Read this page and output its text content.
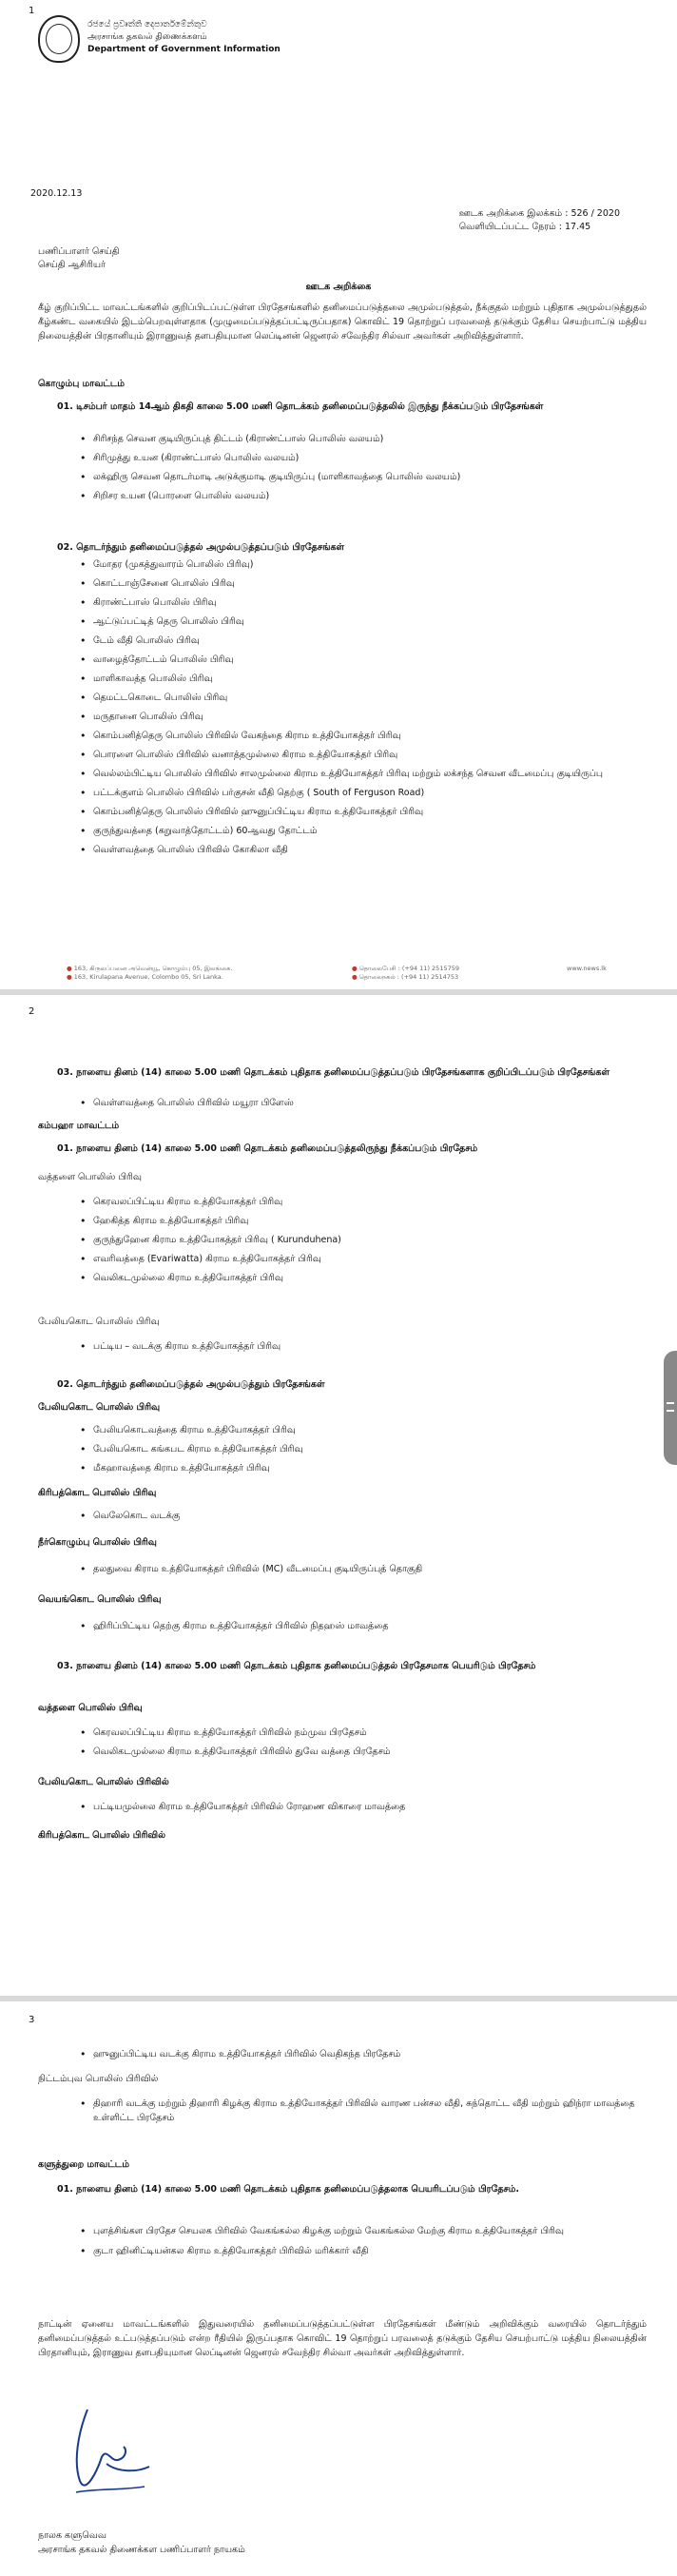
1
රජයේ ප්‍රවෘත්ති දෙපාර්තමේන්තුව
அரசாங்க தகவல் திணைக்களம்
Department of Government Information
2020.12.13
ஊடக அறிக்கை இலக்கம் : 526 / 2020
வெளியிடப்பட்ட நேரம் : 17.45
பணிப்பாளர் செய்தி
செய்தி ஆசிரியர்
ஊடக அறிக்கை
கீழ் குறிப்பிட்ட மாவட்டங்களில் குறிப்பிடப்பட்டுள்ள பிரதேசங்களில் தனிமைப்படுத்தலை அமுல்படுத்தல், நீக்குதல் மற்றும் புதிதாக அமுல்படுத்துதல் கீழ்கண்ட வகையில் இடம்பெறவுள்ளதாக (முழுமைப்படுத்தப்பட்டிருப்பதாக) கொவிட் 19 தொற்றுப் பரவலைத் தடுக்கும் தேசிய செயற்பாட்டு மத்திய நிலையத்தின் பிரதானியும் இராணுவத் தளபதியுமான லெப்டினன் ஜெனரல் சவேந்திர சில்வா அவர்கள் அறிவித்துள்ளார்.
கொழும்பு மாவட்டம்
01. டிசம்பர் மாதம் 14ஆம் திகதி காலை 5.00 மணி தொடக்கம் தனிமைப்படுத்தலில் இருந்து நீக்கப்படும் பிரதேசங்கள்
• சிரிசந்த செவன குடியிருப்புத் திட்டம் (கிராண்ட்பாஸ் பொலிஸ் வலயம்)
• சிரிமுத்து உயன (கிராண்ட்பாஸ் பொலிஸ் வலயம்)
• லக்ஹிரு செவன தொடர்மாடி அடுக்குமாடி குடியிருப்பு (மாளிகாவத்தை பொலிஸ் வலயம்)
• சிறிசர உயன (பொரளை பொலிஸ் வலயம்)
02. தொடர்ந்தும் தனிமைப்படுத்தல் அமுல்படுத்தப்படும் பிரதேசங்கள்
• மோதர (முகத்துவாரம் பொலிஸ் பிரிவு)
• கொட்டாஞ்சேனை பொலிஸ் பிரிவு
• கிராண்ட்பாஸ் பொலிஸ் பிரிவு
• ஆட்டுப்பட்டித் தெரு பொலிஸ் பிரிவு
• டேம் வீதி பொலிஸ் பிரிவு
• வாழைத்தோட்டம் பொலிஸ் பிரிவு
• மாளிகாவத்த பொலிஸ் பிரிவு
• தெமட்டகொடை பொலிஸ் பிரிவு
• மருதானை பொலிஸ் பிரிவு
• கொம்பனித்தெரு பொலிஸ் பிரிவில் வேகந்தை கிராம உத்தியோகத்தர் பிரிவு
• பொரளை பொலிஸ் பிரிவில் வனாத்தமுல்லை கிராம உத்தியோகத்தர் பிரிவு
• வெல்லம்பிட்டிய பொலிஸ் பிரிவில் சாலமுல்லை கிராம உத்தியோகத்தர் பிரிவு மற்றும் லக்சந்த செவன வீடமைப்பு குடியிருப்பு
• பட்டக்குளம் பொலிஸ் பிரிவில் பர்குசன் வீதி தெற்கு ( South of Ferguson Road)
• கொம்பனித்தெரு பொலிஸ் பிரிவில் ஹுனுப்பிட்டிய கிராம உத்தியோகத்தர் பிரிவு
• குருந்துவத்தை (கறுவாத்தோட்டம்) 60ஆவது தோட்டம்
• வெள்ளவத்தை பொலிஸ் பிரிவில் கோகிலா வீதி
● 163, கிருலப்பனை அவென்யூ, கொழும்பு 05, இலங்கை.
● 163, Kirulapana Avenue, Colombo 05, Sri Lanka.
● தொலைபேசி : (+94 11) 2515759
● தொலைநகல் : (+94 11) 2514753
www.news.lk
2
03. நாளைய தினம் (14) காலை 5.00 மணி தொடக்கம் புதிதாக தனிமைப்படுத்தப்படும் பிரதேசங்களாக குறிப்பிடப்படும் பிரதேசங்கள்
• வெள்ளவத்தை பொலிஸ் பிரிவில் மயூரா பிளேஸ்
கம்பஹா மாவட்டம்
01. நாளைய தினம் (14) காலை 5.00 மணி தொடக்கம் தனிமைப்படுத்தலிருந்து நீக்கப்படும் பிரதேசம்
வத்தளை பொலிஸ் பிரிவு
• கெரவலப்பிட்டிய கிராம உத்தியோகத்தர் பிரிவு
• ஹேகித்த கிராம உத்தியோகத்தர் பிரிவு
• குருந்துஹேன கிராம உத்தியோகத்தர் பிரிவு ( Kurunduhena)
• எவரிவத்தை (Evariwatta) கிராம உத்தியோகத்தர் பிரிவு
• வெலிகடமுல்லை கிராம உத்தியோகத்தர் பிரிவு
பேலியகொட பொலிஸ் பிரிவு
• பட்டிய – வடக்கு கிராம உத்தியோகத்தர் பிரிவு
02. தொடர்ந்தும் தனிமைப்படுத்தல் அமுல்படுத்தும் பிரதேசங்கள்
பேலியகொட பொலிஸ் பிரிவு
• பேலியகொடவத்தை கிராம உத்தியோகத்தர் பிரிவு
• பேலியகொட கங்கபட கிராம உத்தியோகத்தர் பிரிவு
• மீகஹாவத்தை கிராம உத்தியோகத்தர் பிரிவு
கிரிபத்கொட பொலிஸ் பிரிவு
• வெலேகொட வடக்கு
நீர்கொழும்பு பொலிஸ் பிரிவு
• தலதுவை கிராம உத்தியோகத்தர் பிரிவில் (MC) வீடமைப்பு குடியிருப்புத் தொகுதி
வெயங்கொட பொலிஸ் பிரிவு
• ஹிரிப்பிட்டிய தெற்கு கிராம உத்தியோகத்தர் பிரிவில் நிதஹஸ் மாவத்தை
03. நாளைய தினம் (14) காலை 5.00 மணி தொடக்கம் புதிதாக தனிமைப்படுத்தல் பிரதேசமாக பெயரிடும் பிரதேசம்
வத்தளை பொலிஸ் பிரிவு
• கெரவலப்பிட்டிய கிராம உத்தியோகத்தர் பிரிவில் நம்முவ பிரதேசம்
• வெலிகடமுல்லை கிராம உத்தியோகத்தர் பிரிவில் துவே வத்தை பிரதேசம்
பேலியகொட பொலிஸ் பிரிவில்
• பட்டியமுல்லை கிராம உத்தியோகத்தர் பிரிவில் ரோஹண விகாரை மாவத்தை
கிரிபத்கொட பொலிஸ் பிரிவில்
3
• ஹுனுப்பிட்டிய வடக்கு கிராம உத்தியோகத்தர் பிரிவில் வெதிகந்த பிரதேசம்
நிட்டம்புவ பொலிஸ் பிரிவில்
• திஹாரி வடக்கு மற்றும் திஹாரி கிழக்கு கிராம உத்தியோகத்தர் பிரிவில் வாரண பன்சல வீதி, சுந்தொட்ட வீதி மற்றும் ஹிந்ரா மாவத்தை உள்ளிட்ட பிரதேசம்
களுத்துறை மாவட்டம்
01. நாளைய தினம் (14) காலை 5.00 மணி தொடக்கம் புதிதாக தனிமைப்படுத்தலாக பெயரிடப்படும் பிரதேசம்.
• புளத்சிங்கள பிரதேச செயலக பிரிவில் வேகங்கல்ல கிழக்கு மற்றும் வேகங்கல்ல மேற்கு கிராம உத்தியோகத்தர் பிரிவு
• குடா ஹினிட்டியன்கல கிராம உத்தியோகத்தர் பிரிவில் மரிக்கார் வீதி
நாட்டின் ஏனைய மாவட்டங்களில் இதுவரையில் தனிமைப்படுத்தப்பட்டுள்ள பிரதேசங்கள் மீண்டும் அறிவிக்கும் வரையில் தொடர்ந்தும் தனிமைப்படுத்தல் உட்படுத்தப்படும் என்ற ரீதியில் இருப்பதாக கொவிட் 19 தொற்றுப் பரவலைத் தடுக்கும் தேசிய செயற்பாட்டு மத்திய நிலையத்தின் பிரதானியும், இராணுவ தளபதியுமான லெப்டினன் ஜெனரல் சவேந்திர சில்வா அவர்கள் அறிவித்துள்ளார்.
நாலக களுவெவ
அரசாங்க தகவல் திணைக்கள பணிப்பாளர் நாயகம்
